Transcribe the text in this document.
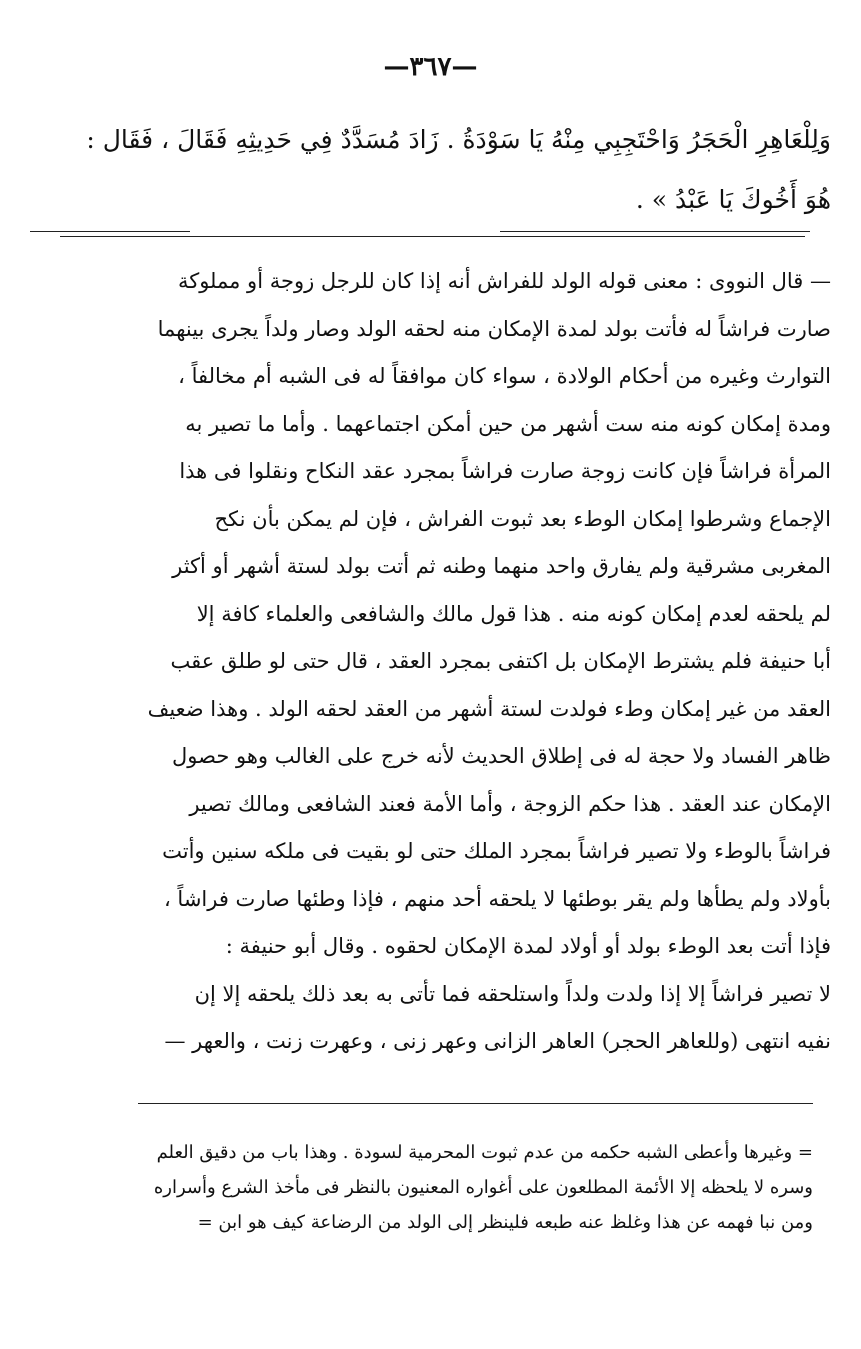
—٣٦٧—
وَلِلْعَاهِرِ الْحَجَرُ وَاحْتَجِبِي مِنْهُ يَا سَوْدَةُ . زَادَ مُسَدَّدٌ فِي حَدِيثِهِ فَقَالَ ، فَقَال :
هُوَ أَخُوكَ يَا عَبْدُ » .
— قال النووى : معنى قوله الولد للفراش أنه إذا كان للرجل زوجة أو مملوكة
صارت فراشاً له فأتت بولد لمدة الإمكان منه لحقه الولد وصار ولداً يجرى بينهما
التوارث وغيره من أحكام الولادة ، سواء كان موافقاً له فى الشبه أم مخالفاً ،
ومدة إمكان كونه منه ست أشهر من حين أمكن اجتماعهما . وأما ما تصير به
المرأة فراشاً فإن كانت زوجة صارت فراشاً بمجرد عقد النكاح ونقلوا فى هذا
الإجماع وشرطوا إمكان الوطء بعد ثبوت الفراش ، فإن لم يمكن بأن نكح
المغربى مشرقية ولم يفارق واحد منهما وطنه ثم أتت بولد لستة أشهر أو أكثر
لم يلحقه لعدم إمكان كونه منه . هذا قول مالك والشافعى والعلماء كافة إلا
أبا حنيفة فلم يشترط الإمكان بل اكتفى بمجرد العقد ، قال حتى لو طلق عقب
العقد من غير إمكان وطء فولدت لستة أشهر من العقد لحقه الولد . وهذا ضعيف
ظاهر الفساد ولا حجة له فى إطلاق الحديث لأنه خرج على الغالب وهو حصول
الإمكان عند العقد . هذا حكم الزوجة ، وأما الأمة فعند الشافعى ومالك تصير
فراشاً بالوطء ولا تصير فراشاً بمجرد الملك حتى لو بقيت فى ملكه سنين وأتت
بأولاد ولم يطأها ولم يقر بوطئها لا يلحقه أحد منهم ، فإذا وطئها صارت فراشاً ،
فإذا أتت بعد الوطء بولد أو أولاد لمدة الإمكان لحقوه . وقال أبو حنيفة :
لا تصير فراشاً إلا إذا ولدت ولداً واستلحقه فما تأتى به بعد ذلك يلحقه إلا إن
نفيه انتهى (وللعاهر الحجر) العاهر الزانى وعهر زنى ، وعهرت زنت ، والعهر —
= وغيرها وأعطى الشبه حكمه من عدم ثبوت المحرمية لسودة . وهذا باب من دقيق العلم
وسره لا يلحظه إلا الأئمة المطلعون على أغواره المعنيون بالنظر فى مأخذ الشرع وأسراره
ومن نبا فهمه عن هذا وغلظ عنه طبعه فلينظر إلى الولد من الرضاعة كيف هو ابن =
